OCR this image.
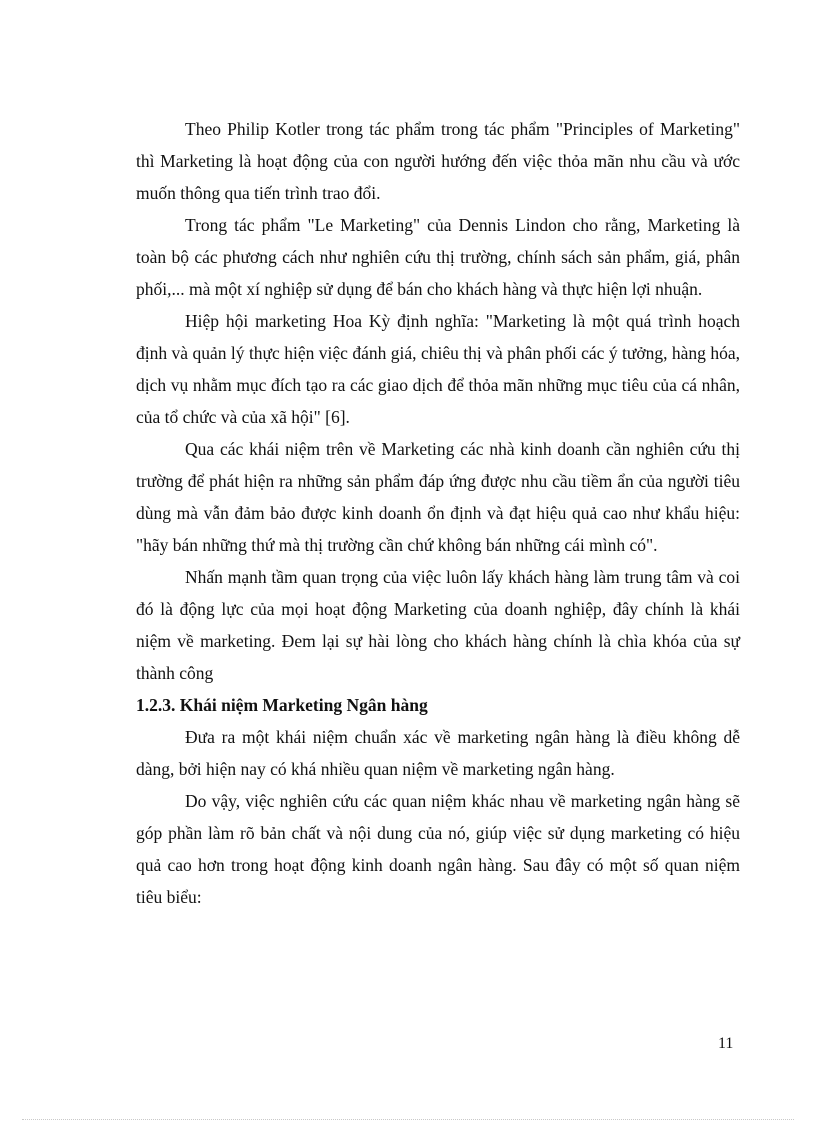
Theo Philip Kotler trong tác phẩm trong tác phẩm "Principles of Marketing" thì Marketing là hoạt động của con người hướng đến việc thỏa mãn nhu cầu và ước muốn thông qua tiến trình trao đổi.

Trong tác phẩm "Le Marketing" của Dennis Lindon cho rằng, Marketing là toàn bộ các phương cách như nghiên cứu thị trường, chính sách sản phẩm, giá, phân phối,... mà một xí nghiệp sử dụng để bán cho khách hàng và thực hiện lợi nhuận.

Hiệp hội marketing Hoa Kỳ định nghĩa: "Marketing là một quá trình hoạch định và quản lý thực hiện việc đánh giá, chiêu thị và phân phối các ý tưởng, hàng hóa, dịch vụ nhằm mục đích tạo ra các giao dịch để thỏa mãn những mục tiêu của cá nhân, của tổ chức và của xã hội" [6].

Qua các khái niệm trên về Marketing các nhà kinh doanh cần nghiên cứu thị trường để phát hiện ra những sản phẩm đáp ứng được nhu cầu tiềm ẩn của người tiêu dùng mà vẫn đảm bảo được kinh doanh ổn định và đạt hiệu quả cao như khẩu hiệu: "hãy bán những thứ mà thị trường cần chứ không bán những cái mình có".

Nhấn mạnh tầm quan trọng của việc luôn lấy khách hàng làm trung tâm và coi đó là động lực của mọi hoạt động Marketing của doanh nghiệp, đây chính là khái niệm về marketing. Đem lại sự hài lòng cho khách hàng chính là chìa khóa của sự thành công

1.2.3. Khái niệm Marketing Ngân hàng

Đưa ra một khái niệm chuẩn xác về marketing ngân hàng là điều không dễ dàng, bởi hiện nay có khá nhiều quan niệm về marketing ngân hàng.

Do vậy, việc nghiên cứu các quan niệm khác nhau về marketing ngân hàng sẽ góp phần làm rõ bản chất và nội dung của nó, giúp việc sử dụng marketing có hiệu quả cao hơn trong hoạt động kinh doanh ngân hàng. Sau đây có một số quan niệm tiêu biểu:

11
